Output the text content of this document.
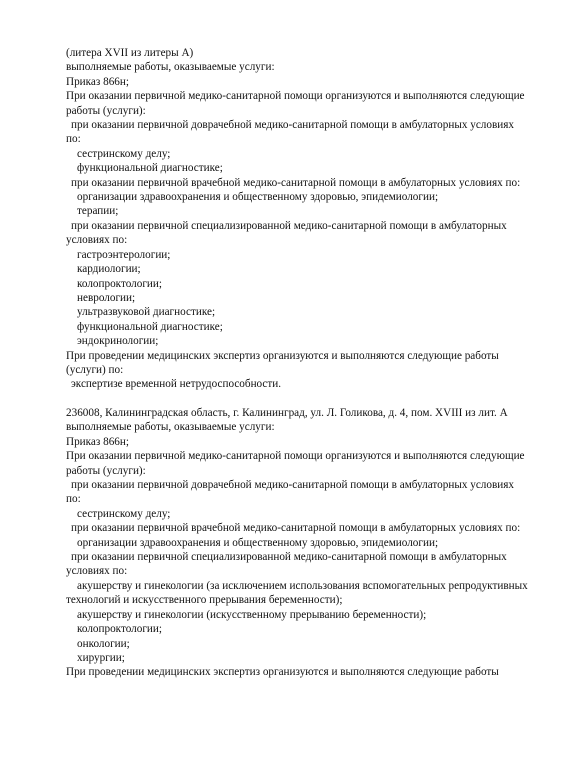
(литера XVII из литеры А)
выполняемые работы, оказываемые услуги:
Приказ 866н;
При оказании первичной медико-санитарной помощи организуются и выполняются следующие
работы (услуги):
при оказании первичной доврачебной медико-санитарной помощи в амбулаторных условиях
по:
сестринскому делу;
функциональной диагностике;
при оказании первичной врачебной медико-санитарной помощи в амбулаторных условиях по:
организации здравоохранения и общественному здоровью, эпидемиологии;
терапии;
при оказании первичной специализированной медико-санитарной помощи в амбулаторных
условиях по:
гастроэнтерологии;
кардиологии;
колопроктологии;
неврологии;
ультразвуковой диагностике;
функциональной диагностике;
эндокринологии;
При проведении медицинских экспертиз организуются и выполняются следующие работы
(услуги) по:
экспертизе временной нетрудоспособности.
236008, Калининградская область, г. Калининград, ул. Л. Голикова, д. 4, пом. XVIII из лит. А
выполняемые работы, оказываемые услуги:
Приказ 866н;
При оказании первичной медико-санитарной помощи организуются и выполняются следующие
работы (услуги):
при оказании первичной доврачебной медико-санитарной помощи в амбулаторных условиях
по:
сестринскому делу;
при оказании первичной врачебной медико-санитарной помощи в амбулаторных условиях по:
организации здравоохранения и общественному здоровью, эпидемиологии;
при оказании первичной специализированной медико-санитарной помощи в амбулаторных
условиях по:
акушерству и гинекологии (за исключением использования вспомогательных репродуктивных
технологий и искусственного прерывания беременности);
акушерству и гинекологии (искусственному прерыванию беременности);
колопроктологии;
онкологии;
хирургии;
При проведении медицинских экспертиз организуются и выполняются следующие работы
